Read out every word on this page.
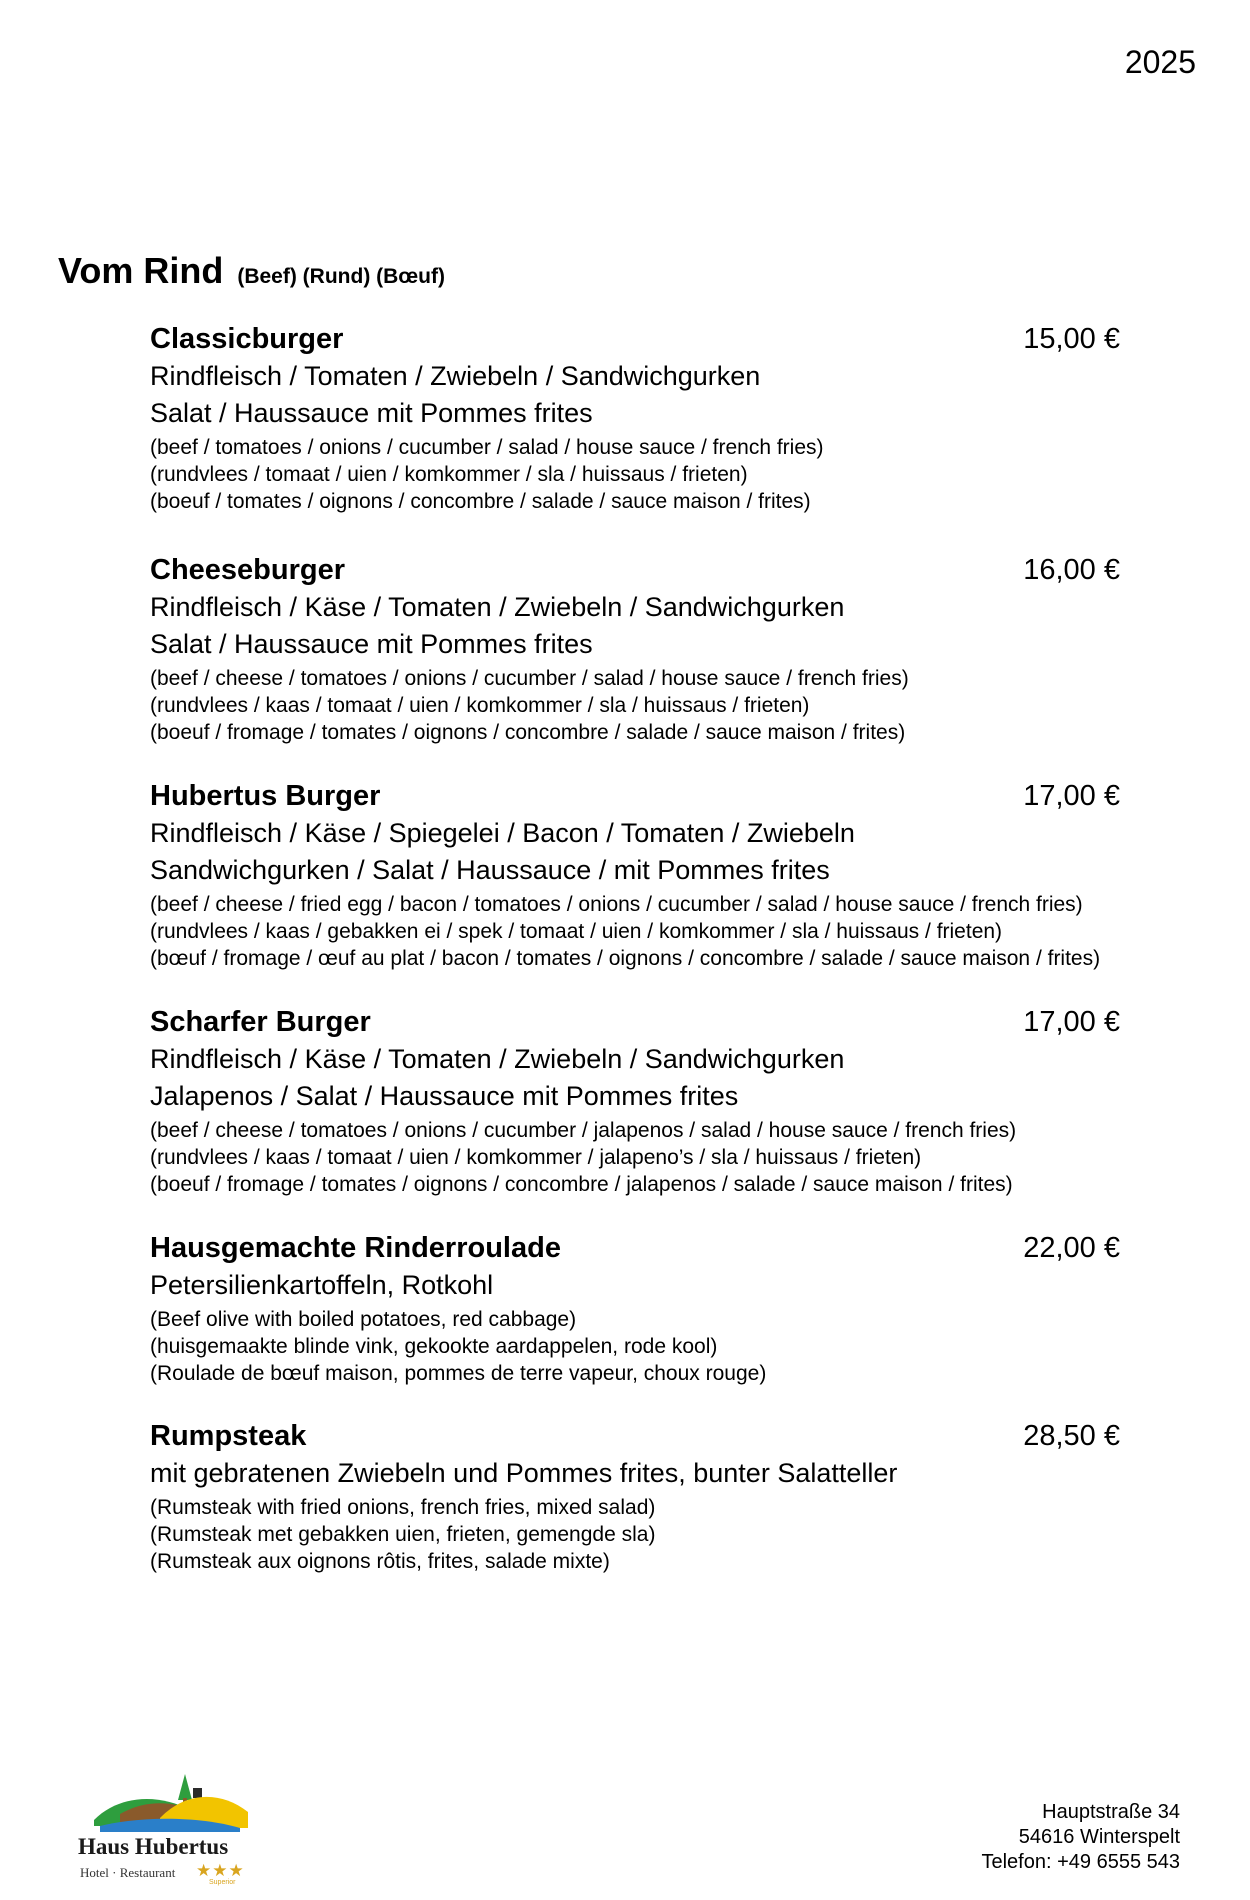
2025
Vom Rind (Beef) (Rund) (Bœuf)
Classicburger	15,00 €
Rindfleisch / Tomaten / Zwiebeln / Sandwichgurken
Salat / Haussauce mit Pommes frites
(beef / tomatoes / onions / cucumber / salad / house sauce / french fries)
(rundvlees / tomaat / uien / komkommer / sla / huissaus / frieten)
(boeuf / tomates / oignons / concombre / salade / sauce maison / frites)
Cheeseburger	16,00 €
Rindfleisch / Käse / Tomaten / Zwiebeln / Sandwichgurken
Salat / Haussauce mit Pommes frites
(beef / cheese / tomatoes / onions / cucumber / salad / house sauce / french fries)
(rundvlees / kaas / tomaat / uien / komkommer / sla / huissaus / frieten)
(boeuf / fromage / tomates / oignons / concombre / salade / sauce maison / frites)
Hubertus Burger	17,00 €
Rindfleisch / Käse / Spiegelei / Bacon / Tomaten / Zwiebeln
Sandwichgurken / Salat / Haussauce / mit Pommes frites
(beef / cheese / fried egg / bacon / tomatoes / onions / cucumber / salad / house sauce / french fries)
(rundvlees / kaas / gebakken ei / spek / tomaat / uien / komkommer / sla / huissaus / frieten)
(bœuf / fromage / œuf au plat / bacon / tomates / oignons / concombre / salade / sauce maison / frites)
Scharfer Burger	17,00 €
Rindfleisch / Käse / Tomaten / Zwiebeln / Sandwichgurken
Jalapenos / Salat / Haussauce mit Pommes frites
(beef / cheese / tomatoes / onions / cucumber / jalapenos / salad / house sauce / french fries)
(rundvlees / kaas / tomaat / uien / komkommer / jalapeno’s / sla / huissaus / frieten)
(boeuf / fromage / tomates / oignons / concombre / jalapenos / salade / sauce maison / frites)
Hausgemachte Rinderroulade	22,00 €
Petersilienkartoffeln, Rotkohl
(Beef olive with boiled potatoes, red cabbage)
(huisgemaakte blinde vink, gekookte aardappelen, rode kool)
(Roulade de bœuf maison, pommes de terre vapeur, choux rouge)
Rumpsteak	28,50 €
mit gebratenen Zwiebeln und Pommes frites, bunter Salatteller
(Rumsteak with fried onions, french fries, mixed salad)
(Rumsteak met gebakken uien, frieten, gemengde sla)
(Rumsteak aux oignons rôtis, frites, salade mixte)
Haus Hubertus
Hotel · Restaurant ★★★
Superior
Hauptstraße 34
54616 Winterspelt
Telefon: +49 6555 543
